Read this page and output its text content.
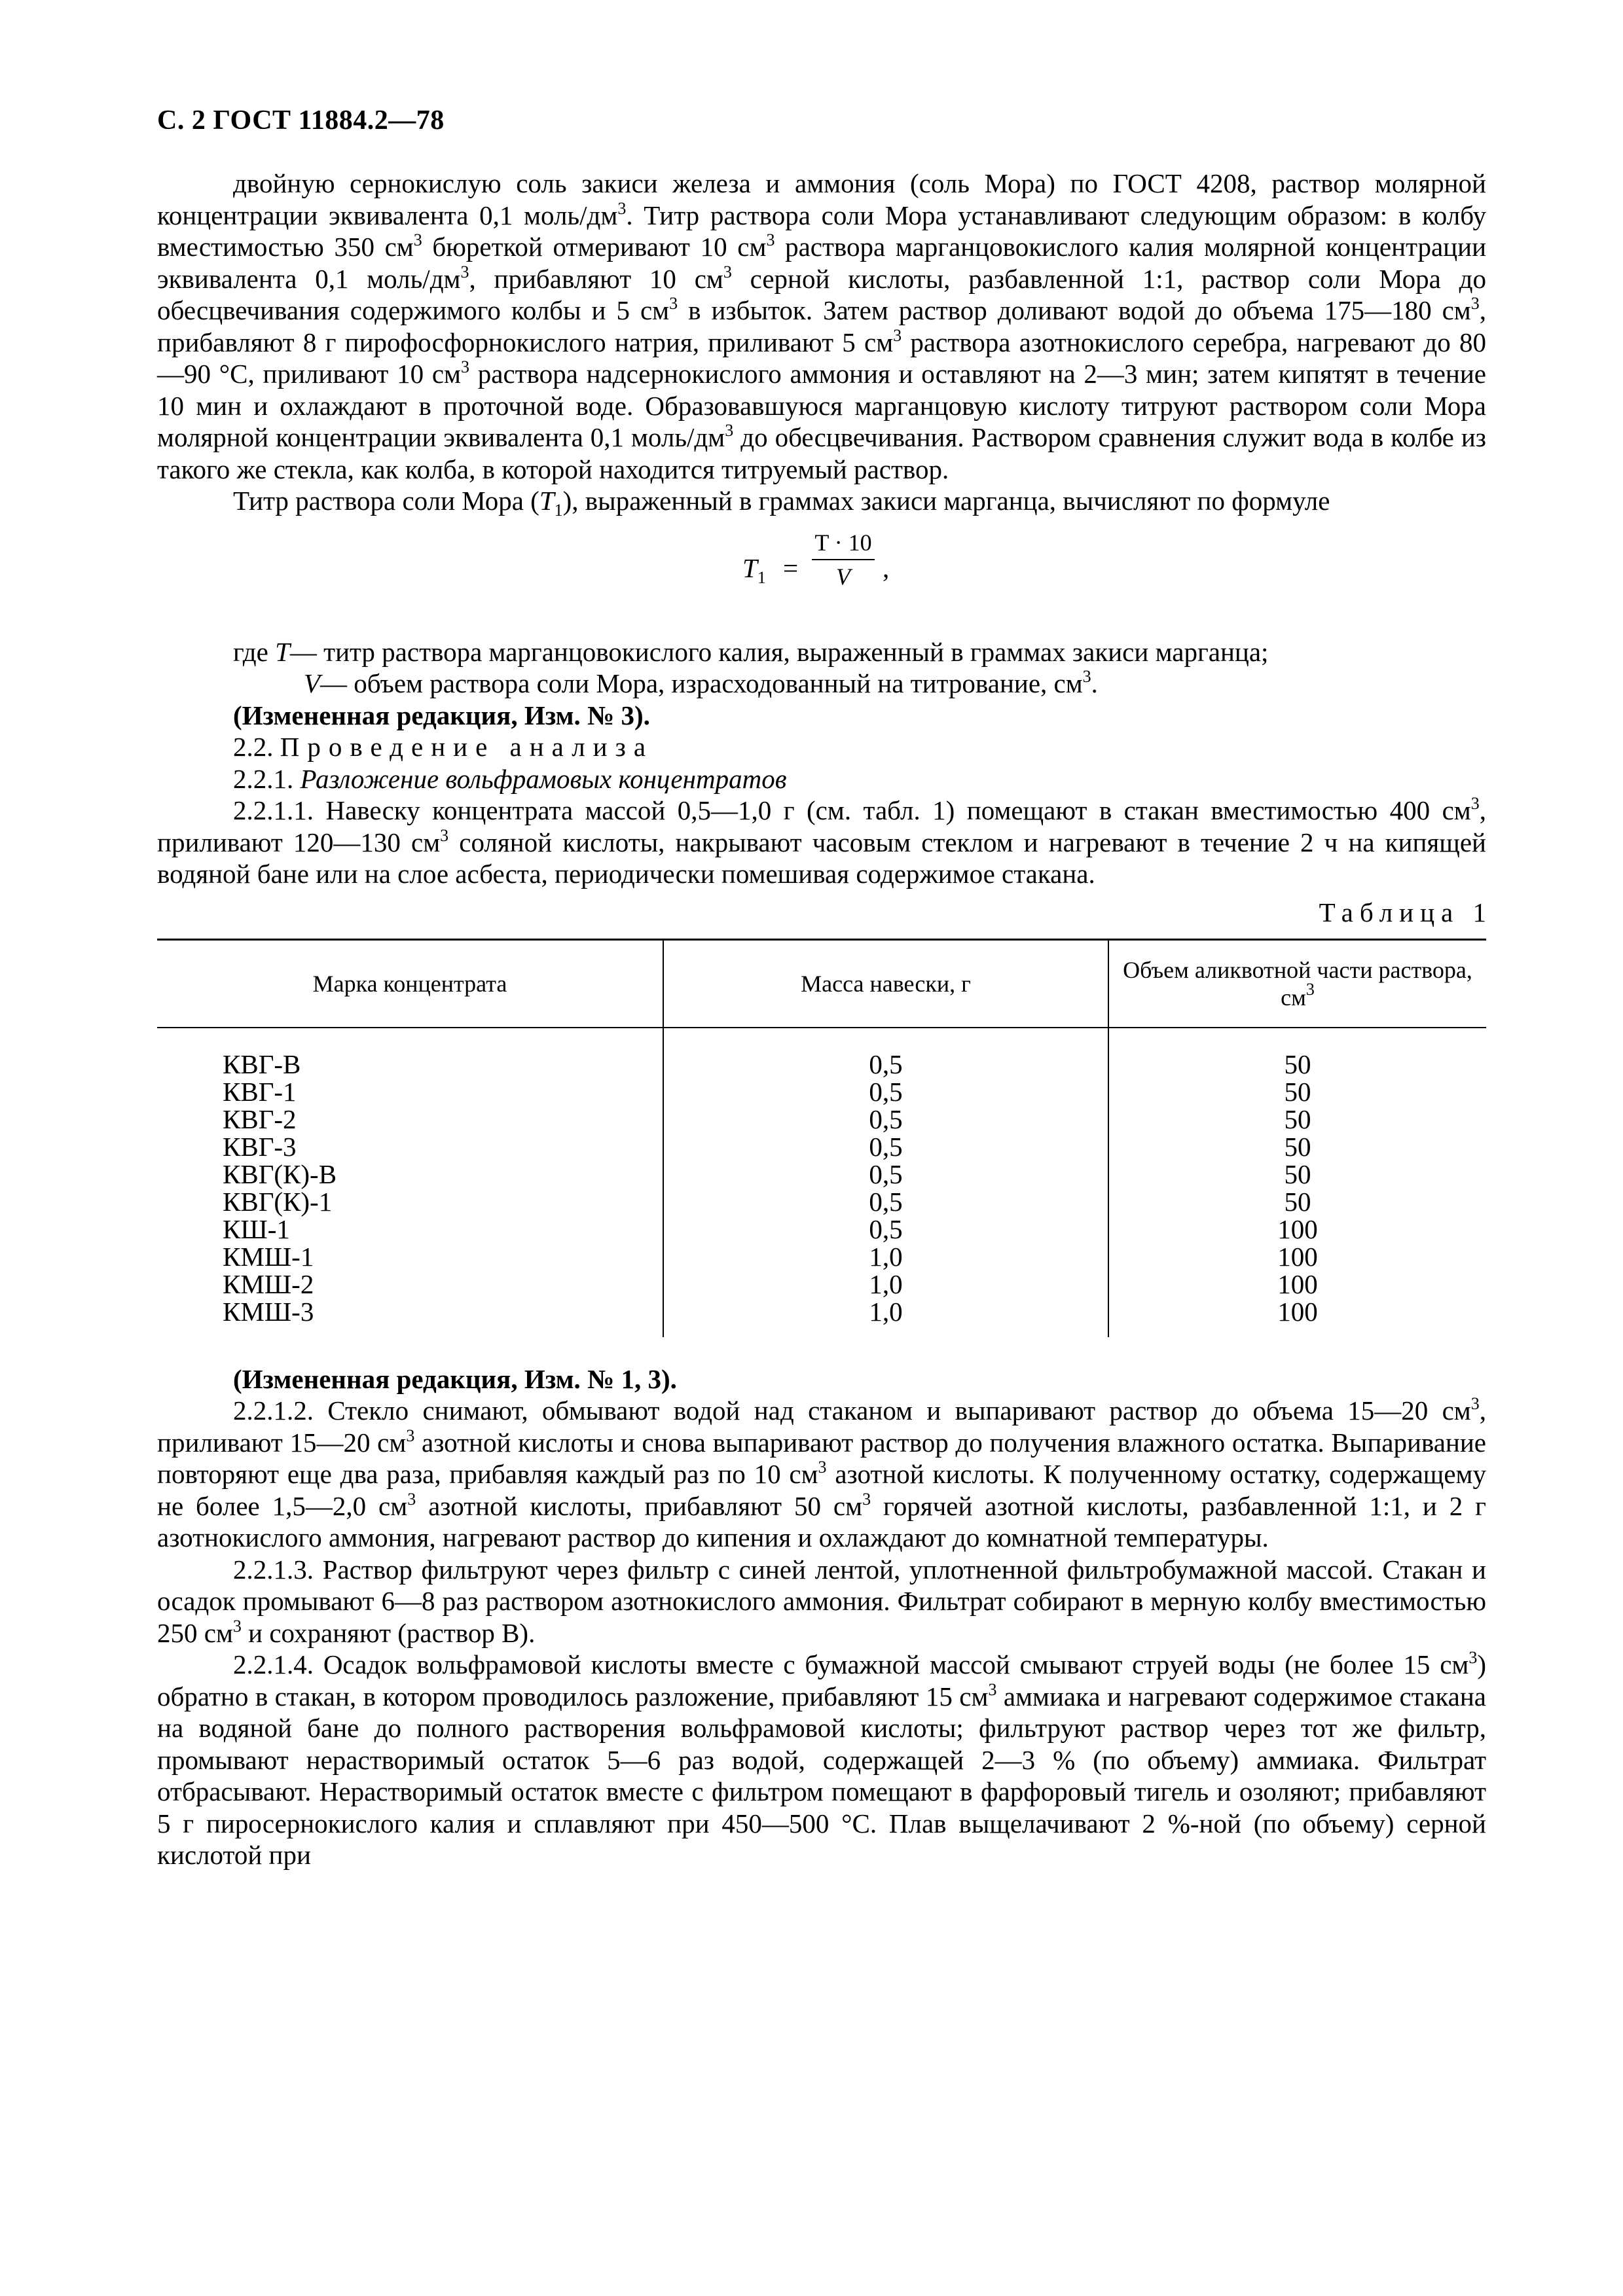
С. 2 ГОСТ 11884.2—78

двойную сернокислую соль закиси железа и аммония (соль Мора) по ГОСТ 4208, раствор молярной концентрации эквивалента 0,1 моль/$дм^3$. Титр раствора соли Мора устанавливают следующим образом: в колбу вместимостью 350 $см^3$ бюреткой отмеривают 10 $см^3$ раствора марганцовокислого калия молярной концентрации эквивалента 0,1 моль/$дм^3$, прибавляют 10 $см^3$ серной кислоты, разбавленной 1:1, раствор соли Мора до обесцвечивания содержимого колбы и 5 $см^3$ в избыток. Затем раствор доливают водой до объема 175—180 $см^3$, прибавляют 8 г пирофосфорнокислого натрия, приливают 5 $см^3$ раствора азотнокислого серебра, нагревают до 80—90 °С, приливают 10 $см^3$ раствора надсернокислого аммония и оставляют на 2—3 мин; затем кипятят в течение 10 мин и охлаждают в проточной воде. Образовавшуюся марганцовую кислоту титруют раствором соли Мора молярной концентрации эквивалента 0,1 моль/$дм^3$ до обесцвечивания. Раствором сравнения служит вода в колбе из такого же стекла, как колба, в которой находится титруемый раствор.

Титр раствора соли Мора $(T_1)$, выраженный в граммах закиси марганца, вычисляют по формуле

$T_1 = \frac{T \cdot 10}{V}$ ,

где T— титр раствора марганцовокислого калия, выраженный в граммах закиси марганца;

V— объем раствора соли Мора, израсходованный на титрование, $см^3$.

(Измененная редакция, Изм. № 3).

2.2. Проведение анализа

2.2.1. Разложение вольфрамовых концентратов

2.2.1.1. Навеску концентрата массой 0,5—1,0 г (см. табл. 1) помещают в стакан вместимостью 400 $см^3$, приливают 120—130 $см^3$ соляной кислоты, накрывают часовым стеклом и нагревают в течение 2 ч на кипящей водяной бане или на слое асбеста, периодически помешивая содержимое стакана.

Таблица 1
Марка концентрата	Масса навески, г	Объем аликвотной части раствора, $см^3$
КВГ-В	0,5	50
КВГ-1	0,5	50
КВГ-2	0,5	50
КВГ-3	0,5	50
КВГ(К)-В	0,5	50
КВГ(К)-1	0,5	50
КШ-1	0,5	100
КМШ-1	1,0	100
КМШ-2	1,0	100
КМШ-3	1,0	100

(Измененная редакция, Изм. № 1, 3).

2.2.1.2. Стекло снимают, обмывают водой над стаканом и выпаривают раствор до объема 15—20 $см^3$, приливают 15—20 $см^3$ азотной кислоты и снова выпаривают раствор до получения влажного остатка. Выпаривание повторяют еще два раза, прибавляя каждый раз по 10 $см^3$ азотной кислоты. К полученному остатку, содержащему не более 1,5—2,0 $см^3$ азотной кислоты, прибавляют 50 $см^3$ горячей азотной кислоты, разбавленной 1:1, и 2 г азотнокислого аммония, нагревают раствор до кипения и охлаждают до комнатной температуры.

2.2.1.3. Раствор фильтруют через фильтр с синей лентой, уплотненной фильтробумажной массой. Стакан и осадок промывают 6—8 раз раствором азотнокислого аммония. Фильтрат собирают в мерную колбу вместимостью 250 $см^3$ и сохраняют (раствор В).

2.2.1.4. Осадок вольфрамовой кислоты вместе с бумажной массой смывают струей воды (не более 15 $см^3$) обратно в стакан, в котором проводилось разложение, прибавляют 15 $см^3$ аммиака и нагревают содержимое стакана на водяной бане до полного растворения вольфрамовой кислоты; фильтруют раствор через тот же фильтр, промывают нерастворимый остаток 5—6 раз водой, содержащей 2—3 % (по объему) аммиака. Фильтрат отбрасывают. Нерастворимый остаток вместе с фильтром помещают в фарфоровый тигель и озоляют; прибавляют 5 г пиросернокислого калия и сплавляют при 450—500 °С. Плав выщелачивают 2 %-ной (по объему) серной кислотой при
